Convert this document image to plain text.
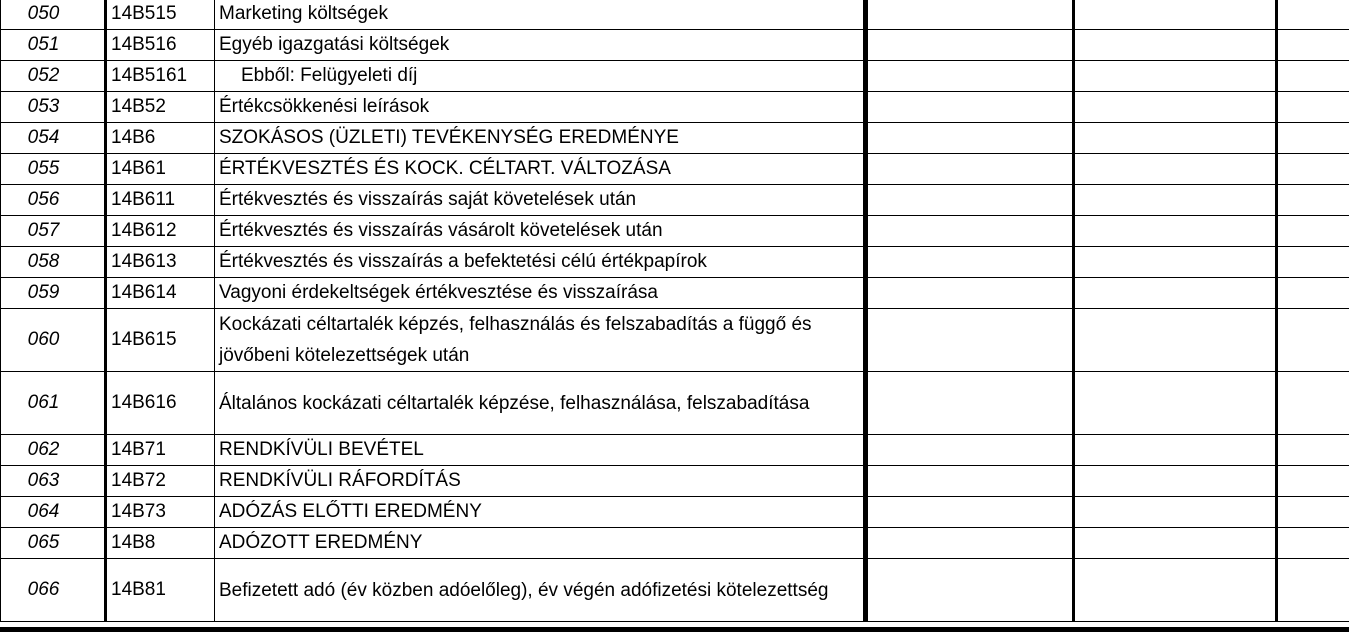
050	14B515	Marketing költségek			
051	14B516	Egyéb igazgatási költségek			
052	14B5161	Ebből: Felügyeleti díj			
053	14B52	Értékcsökkenési leírások			
054	14B6	SZOKÁSOS (ÜZLETI) TEVÉKENYSÉG EREDMÉNYE			
055	14B61	ÉRTÉKVESZTÉS ÉS KOCK. CÉLTART. VÁLTOZÁSA			
056	14B611	Értékvesztés és visszaírás saját követelések után			
057	14B612	Értékvesztés és visszaírás vásárolt követelések után			
058	14B613	Értékvesztés és visszaírás a befektetési célú értékpapírok			
059	14B614	Vagyoni érdekeltségek értékvesztése és visszaírása			
060	14B615	Kockázati céltartalék képzés, felhasználás és felszabadítás a függő és jövőbeni kötelezettségek után			
061	14B616	Általános kockázati céltartalék képzése, felhasználása, felszabadítása			
062	14B71	RENDKÍVÜLI BEVÉTEL			
063	14B72	RENDKÍVÜLI RÁFORDÍTÁS			
064	14B73	ADÓZÁS ELŐTTI EREDMÉNY			
065	14B8	ADÓZOTT EREDMÉNY			
066	14B81	Befizetett adó (év közben adóelőleg), év végén adófizetési kötelezettség			
